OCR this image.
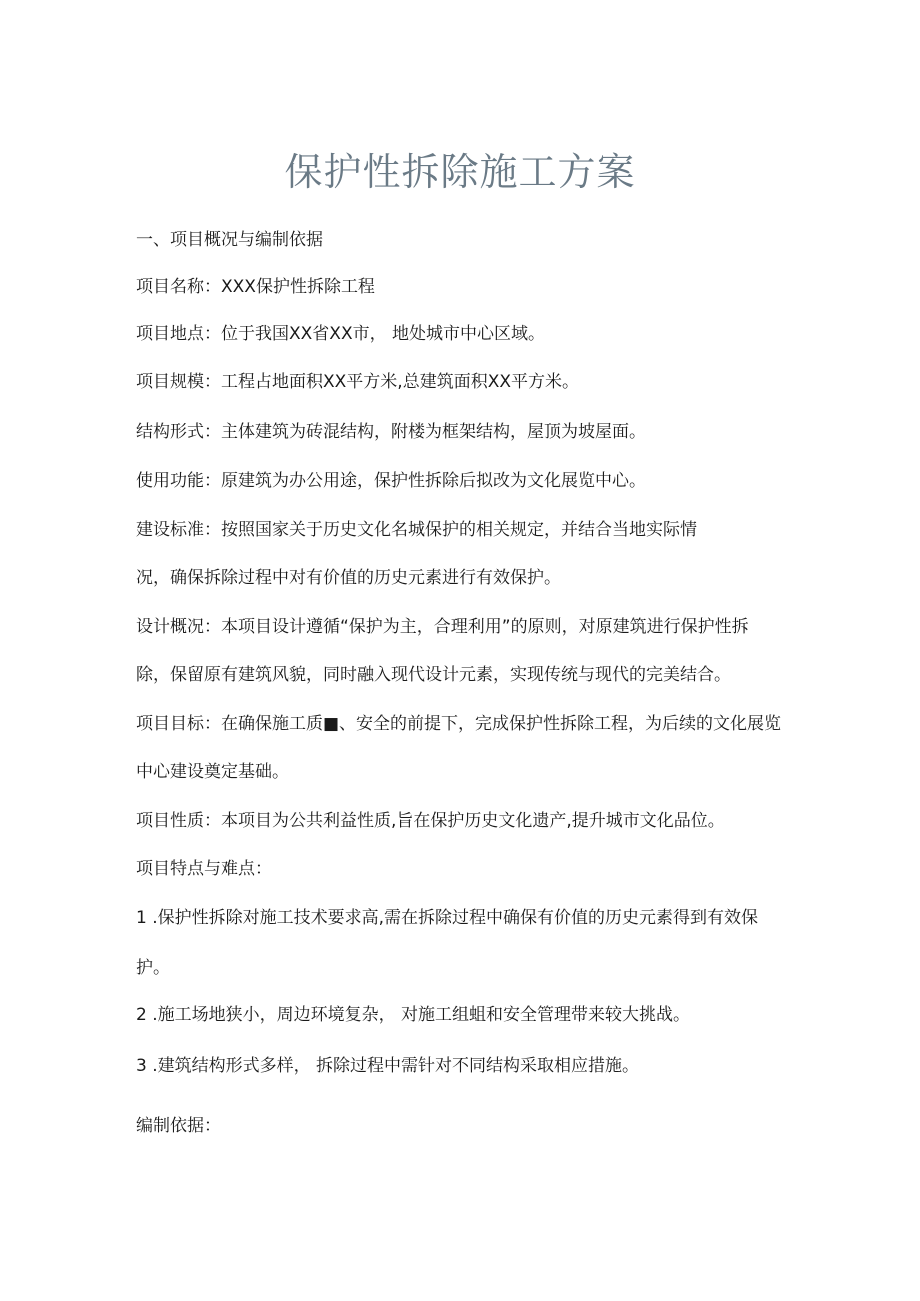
保护性拆除施工方案
一、项目概况与编制依据
项目名称：XXX保护性拆除工程
项目地点：位于我国XX省XX市， 地处城市中心区域。
项目规模：工程占地面积XX平方米,总建筑面积XX平方米。
结构形式：主体建筑为砖混结构，附楼为框架结构，屋顶为坡屋面。
使用功能：原建筑为办公用途，保护性拆除后拟改为文化展览中心。
建设标准：按照国家关于历史文化名城保护的相关规定，并结合当地实际情
况，确保拆除过程中对有价值的历史元素进行有效保护。
设计概况：本项目设计遵循“保护为主，合理利用”的原则，对原建筑进行保护性拆
除，保留原有建筑风貌，同时融入现代设计元素，实现传统与现代的完美结合。
项目目标：在确保施工质■、安全的前提下，完成保护性拆除工程，为后续的文化展览
中心建设奠定基础。
项目性质：本项目为公共利益性质,旨在保护历史文化遗产,提升城市文化品位。
项目特点与难点：
1 .保护性拆除对施工技术要求高,需在拆除过程中确保有价值的历史元素得到有效保
护。
2 .施工场地狭小，周边环境复杂， 对施工组蛆和安全管理带来较大挑战。
3 .建筑结构形式多样， 拆除过程中需针对不同结构采取相应措施。
编制依据：
